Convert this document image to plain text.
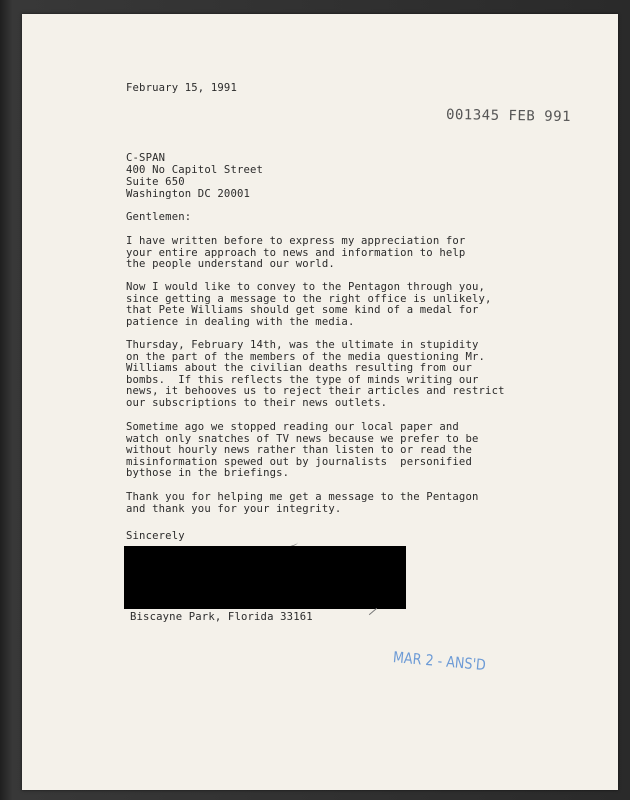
February 15, 1991
001345 FEB 991
C-SPAN
400 No Capitol Street
Suite 650
Washington DC 20001
Gentlemen:
I have written before to express my appreciation for
your entire approach to news and information to help
the people understand our world.
Now I would like to convey to the Pentagon through you,
since getting a message to the right office is unlikely,
that Pete Williams should get some kind of a medal for
patience in dealing with the media.
Thursday, February 14th, was the ultimate in stupidity
on the part of the members of the media questioning Mr.
Williams about the civilian deaths resulting from our
bombs.  If this reflects the type of minds writing our
news, it behooves us to reject their articles and restrict
our subscriptions to their news outlets.
Sometime ago we stopped reading our local paper and
watch only snatches of TV news because we prefer to be
without hourly news rather than listen to or read the
misinformation spewed out by journalists  personified
bythose in the briefings.
Thank you for helping me get a message to the Pentagon
and thank you for your integrity.
Sincerely
Biscayne Park, Florida 33161
MAR 2 - ANS'D
